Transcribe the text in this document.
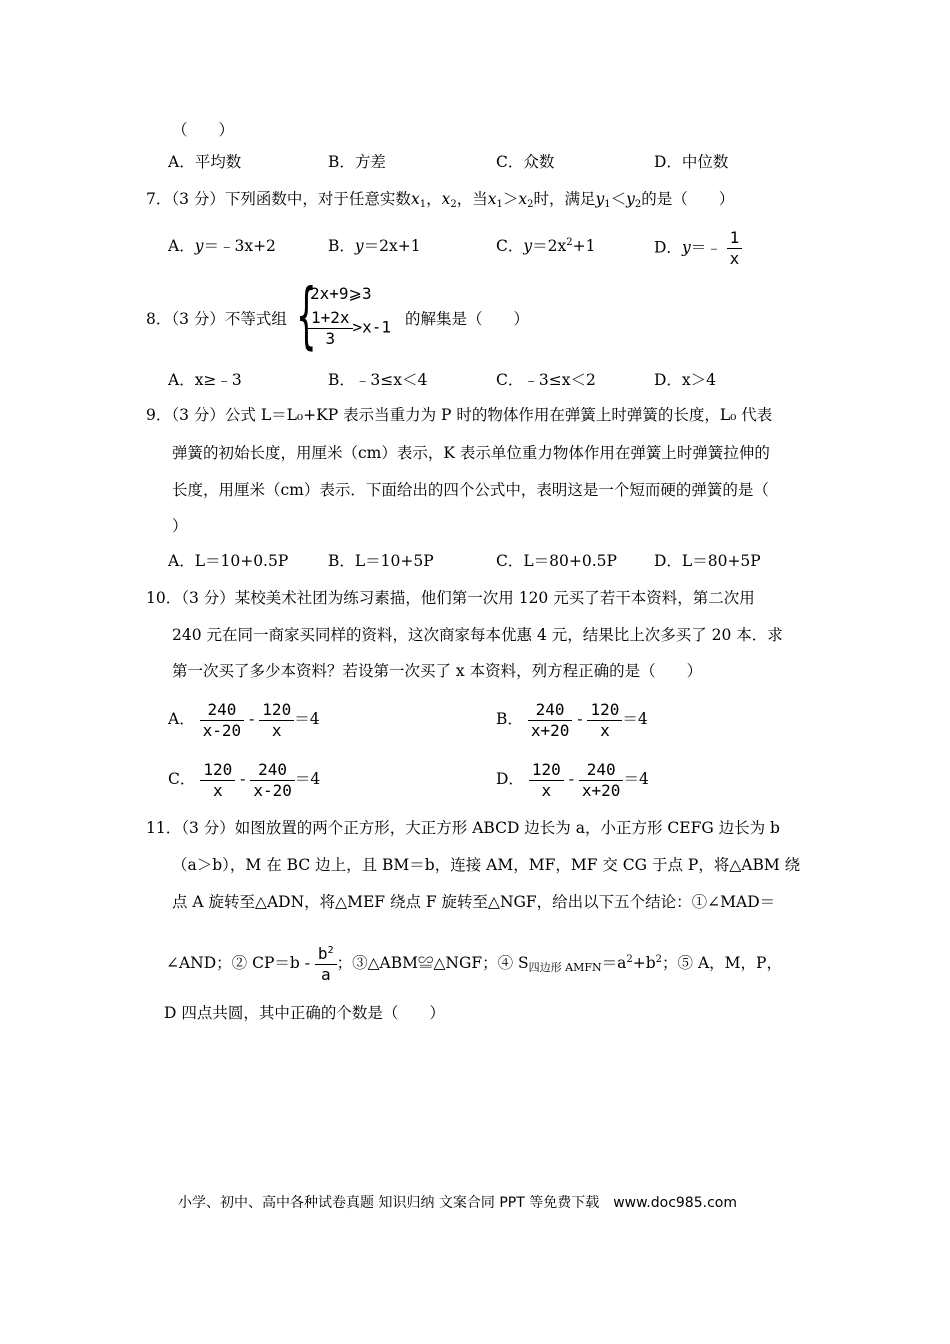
（　　）
A．平均数	B．方差	C．众数	D．中位数
7．（3 分）下列函数中，对于任意实数$x_1$，$x_2$，当$x_1>x_2$时，满足$y_1<y_2$的是（　　）
A．y＝﹣3x+2	B．y＝2x+1	C．$y=2x^2+1$	D．y＝﹣ $\frac{1}{x}$
8．（3 分）不等式组 {
2x+9⩾3
$\frac{1+2x}{3} >x-1$ 的解集是（　　）
A．x≥﹣3	B．﹣3≤x＜4	C．﹣3≤x＜2	D．x＞4
9．（3 分）公式 L＝L₀+KP 表示当重力为 P 时的物体作用在弹簧上时弹簧的长度，L₀ 代表
弹簧的初始长度，用厘米（cm）表示，K 表示单位重力物体作用在弹簧上时弹簧拉伸的
长度，用厘米（cm）表示．下面给出的四个公式中，表明这是一个短而硬的弹簧的是（
）
A．L＝10+0.5P	B．L＝10+5P	C．L＝80+0.5P D．L＝80+5P
10．（3 分）某校美术社团为练习素描，他们第一次用 120 元买了若干本资料，第二次用
240 元在同一商家买同样的资料，这次商家每本优惠 4 元，结果比上次多买了 20 本．求
第一次买了多少本资料？若设第一次买了 x 本资料，列方程正确的是（　　）
A． $\frac{240}{x-20} - \frac{120}{x} =4$	B． $\frac{240}{x+20} - \frac{120}{x} =4$
C． $\frac{120}{x} - \frac{240}{x-20} =4$	D． $\frac{120}{x} - \frac{240}{x+20} =4$
11．（3 分）如图放置的两个正方形，大正方形 ABCD 边长为 a，小正方形 CEFG 边长为 b
（a＞b），M 在 BC 边上，且 BM＝b，连接 AM，MF，MF 交 CG 于点 P，将△ABM 绕
点 A 旋转至△ADN，将△MEF 绕点 F 旋转至△NGF，给出以下五个结论：①∠MAD＝
∠AND；② $CP=b - \frac{b^2}{a}$ ；③△ABM≌△NGF；④ $S_{四边形 AMFN}=a^2+b^2$；⑤ A，M，P，
D 四点共圆，其中正确的个数是（　　）
小学、初中、高中各种试卷真题 知识归纳 文案合同 PPT 等免费下载　www.doc985.com
